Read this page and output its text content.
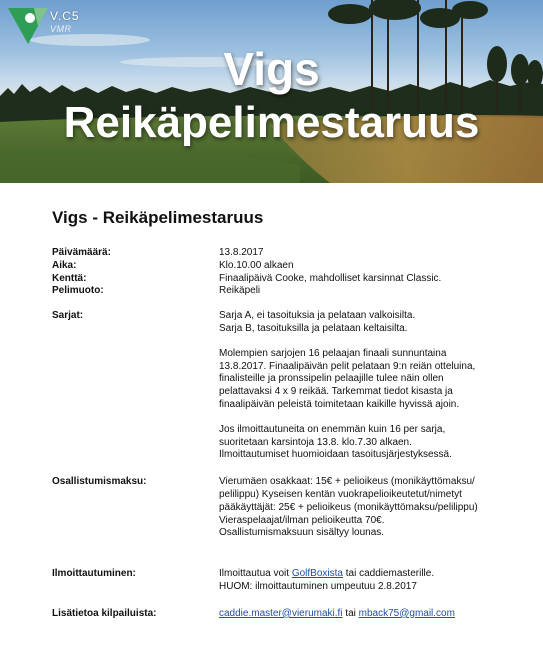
V.C5
VMR
Vigs
Reikäpelimestaruus
Vigs - Reikäpelimestaruus
Päivämäärä:	13.8.2017
Aika:	Klo.10.00 alkaen
Kenttä:	Finaalipäivä Cooke, mahdolliset karsinnat Classic.
Pelimuoto:	Reikäpeli
Sarjat:	Sarja A, ei tasoituksia ja pelataan valkoisilta.

Sarja B, tasoituksilla ja pelataan keltaisilta.

Molempien sarjojen 16 pelaajan finaali sunnuntaina

13.8.2017. Finaalipäivän pelit pelataan 9:n reiän otteluina,

finalisteille ja pronssipelin pelaajille tulee näin ollen

pelattavaksi 4 x 9 reikää. Tarkemmat tiedot kisasta ja

finaalipäivän peleistä toimitetaan kaikille hyvissä ajoin.

Jos ilmoittautuneita on enemmän kuin 16 per sarja,

suoritetaan karsintoja 13.8. klo.7.30 alkaen.

Ilmoittautumiset huomioidaan tasoitusjärjestyksessä.

Osallistumismaksu:	Vierumäen osakkaat: 15€ + pelioikeus (monikäyttömaksu/

pelilippu) Kyseisen kentän vuokrapelioikeutetut/nimetyt

pääkäyttäjät: 25€ + pelioikeus (monikäyttömaksu/pelilippu)

Vieraspelaajat/ilman pelioikeutta 70€.

Osallistumismaksuun sisältyy lounas.

Ilmoittautuminen:	Ilmoittautua voit GolfBoxista tai caddiemasterille.

HUOM: ilmoittautuminen umpeutuu 2.8.2017

Lisätietoa kilpailuista:	caddie.master@vierumaki.fi tai mback75@gmail.com
